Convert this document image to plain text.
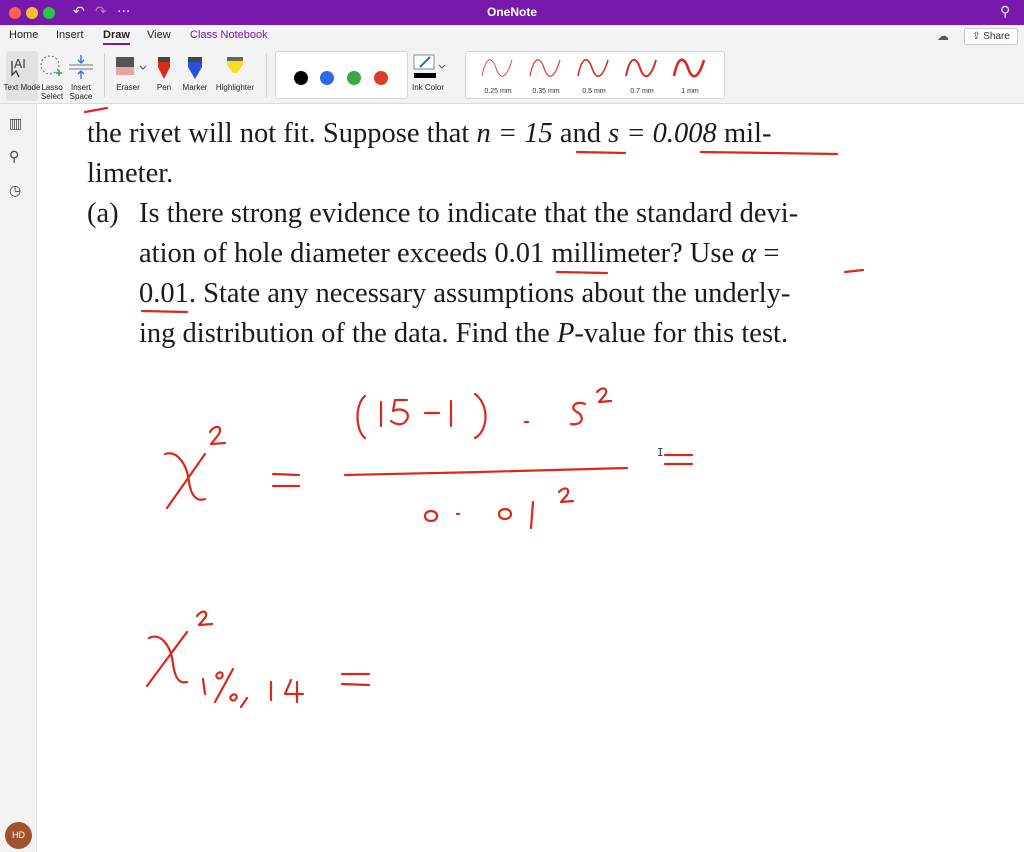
↶ ↷ ···	OneNote	⚲
Home Insert Draw View Class Notebook	☁	⇪ Share
AI
Text Mode Lasso Select
Insert Space
Eraser	Pen	Marker	Highlighter	Ink Color	0.25 mm	0.35 mm	0.5 mm	0.7 mm	1 mm
▥
⚲
◷
HD
the rivet will not fit. Suppose that n = 15 and s = 0.008 mil-
limeter.
(a) Is there strong evidence to indicate that the standard devi-
ation of hole diameter exceeds 0.01 millimeter? Use α =
0.01. State any necessary assumptions about the underly-
ing distribution of the data. Find the P-value for this test.
I
